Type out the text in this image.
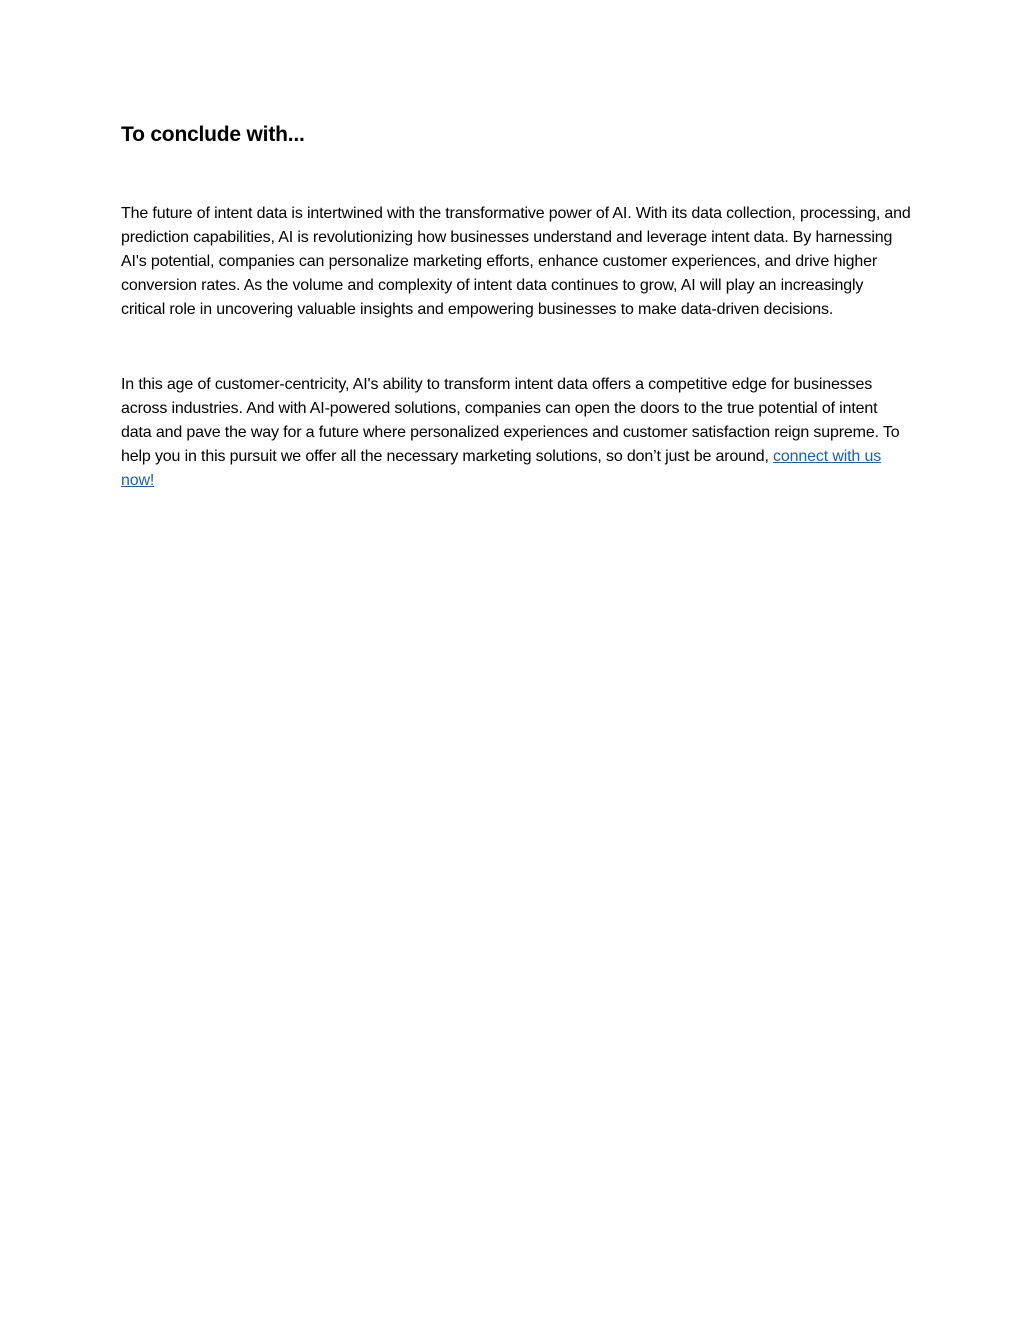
To conclude with...

The future of intent data is intertwined with the transformative power of AI. With its data collection, processing, and prediction capabilities, AI is revolutionizing how businesses understand and leverage intent data. By harnessing AI's potential, companies can personalize marketing efforts, enhance customer experiences, and drive higher conversion rates. As the volume and complexity of intent data continues to grow, AI will play an increasingly critical role in uncovering valuable insights and empowering businesses to make data-driven decisions.

In this age of customer-centricity, AI's ability to transform intent data offers a competitive edge for businesses across industries. And with AI-powered solutions, companies can open the doors to the true potential of intent data and pave the way for a future where personalized experiences and customer satisfaction reign supreme. To help you in this pursuit we offer all the necessary marketing solutions, so don’t just be around, connect with us now!
